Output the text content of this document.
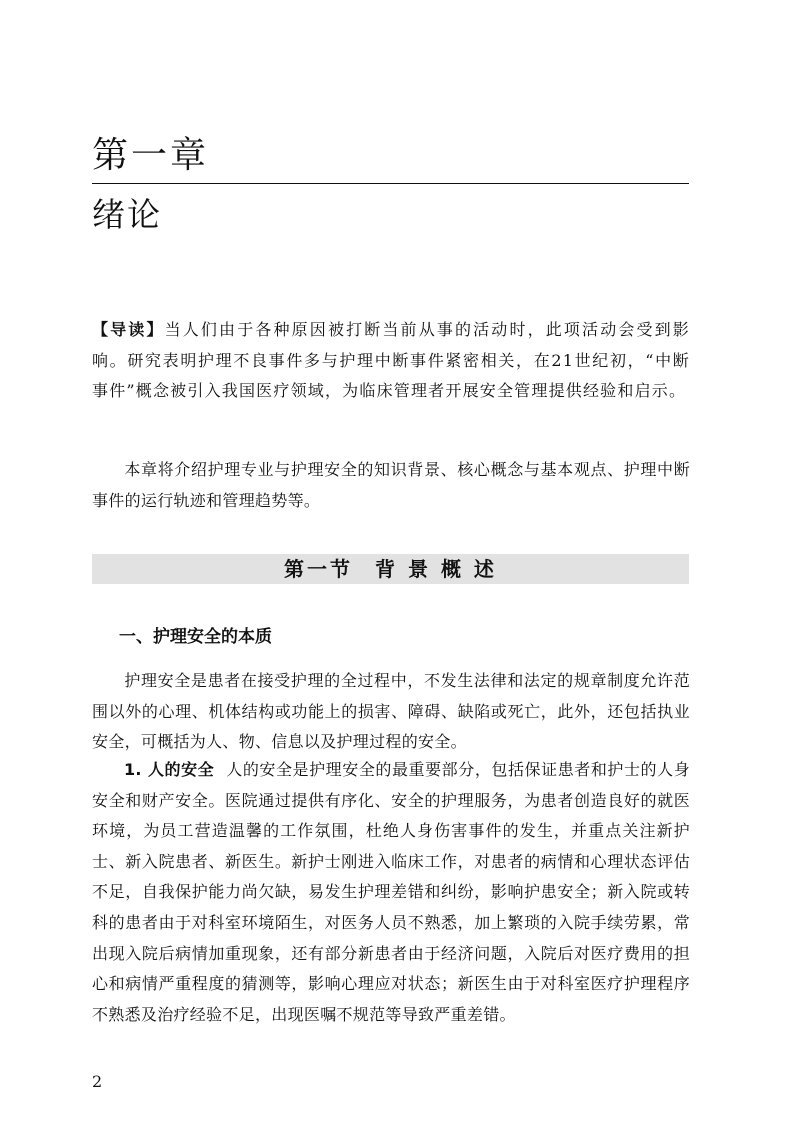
第一章
绪论

【导读】当人们由于各种原因被打断当前从事的活动时，此项活动会受到影响。研究表明护理不良事件多与护理中断事件紧密相关，在21世纪初，“中断事件”概念被引入我国医疗领域，为临床管理者开展安全管理提供经验和启示。

本章将介绍护理专业与护理安全的知识背景、核心概念与基本观点、护理中断事件的运行轨迹和管理趋势等。

第一节 背 景 概 述
一、护理安全的本质

护理安全是患者在接受护理的全过程中，不发生法律和法定的规章制度允许范围以外的心理、机体结构或功能上的损害、障碍、缺陷或死亡，此外，还包括执业安全，可概括为人、物、信息以及护理过程的安全。

1. 人的安全 人的安全是护理安全的最重要部分，包括保证患者和护士的人身安全和财产安全。医院通过提供有序化、安全的护理服务，为患者创造良好的就医环境，为员工营造温馨的工作氛围，杜绝人身伤害事件的发生，并重点关注新护士、新入院患者、新医生。新护士刚进入临床工作，对患者的病情和心理状态评估不足，自我保护能力尚欠缺，易发生护理差错和纠纷，影响护患安全；新入院或转科的患者由于对科室环境陌生，对医务人员不熟悉，加上繁琐的入院手续劳累，常出现入院后病情加重现象，还有部分新患者由于经济问题，入院后对医疗费用的担心和病情严重程度的猜测等，影响心理应对状态；新医生由于对科室医疗护理程序不熟悉及治疗经验不足，出现医嘱不规范等导致严重差错。

2
